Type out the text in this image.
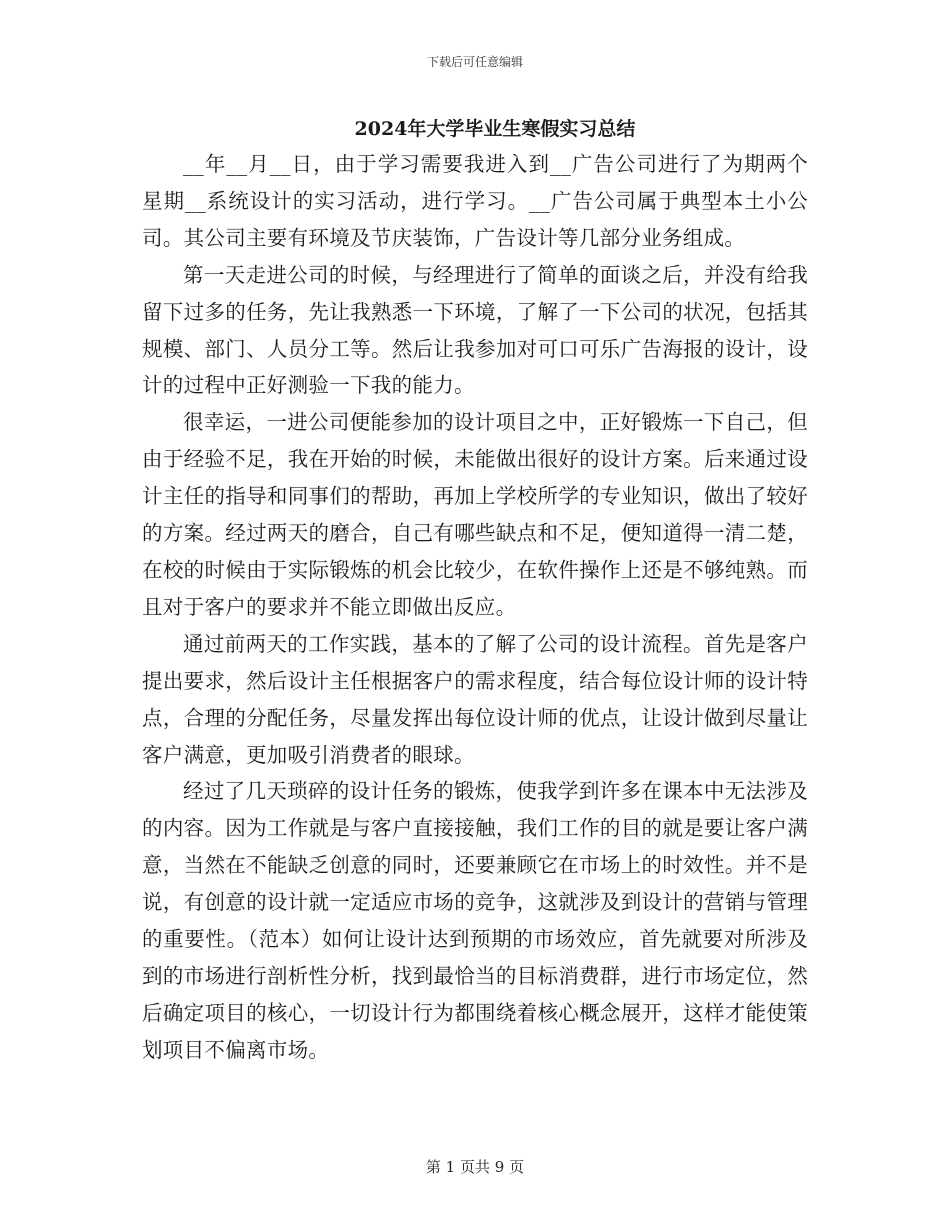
下载后可任意编辑
2024年大学毕业生寒假实习总结

__年__月__日，由于学习需要我进入到__广告公司进行了为期两个星期__系统设计的实习活动，进行学习。__广告公司属于典型本土小公司。其公司主要有环境及节庆装饰，广告设计等几部分业务组成。

第一天走进公司的时候，与经理进行了简单的面谈之后，并没有给我留下过多的任务，先让我熟悉一下环境，了解了一下公司的状况，包括其规模、部门、人员分工等。然后让我参加对可口可乐广告海报的设计，设计的过程中正好测验一下我的能力。

很幸运，一进公司便能参加的设计项目之中，正好锻炼一下自己，但由于经验不足，我在开始的时候，未能做出很好的设计方案。后来通过设计主任的指导和同事们的帮助，再加上学校所学的专业知识，做出了较好的方案。经过两天的磨合，自己有哪些缺点和不足，便知道得一清二楚，在校的时候由于实际锻炼的机会比较少，在软件操作上还是不够纯熟。而且对于客户的要求并不能立即做出反应。

通过前两天的工作实践，基本的了解了公司的设计流程。首先是客户提出要求，然后设计主任根据客户的需求程度，结合每位设计师的设计特点，合理的分配任务，尽量发挥出每位设计师的优点，让设计做到尽量让客户满意，更加吸引消费者的眼球。

经过了几天琐碎的设计任务的锻炼，使我学到许多在课本中无法涉及的内容。因为工作就是与客户直接接触，我们工作的目的就是要让客户满意，当然在不能缺乏创意的同时，还要兼顾它在市场上的时效性。并不是说，有创意的设计就一定适应市场的竞争，这就涉及到设计的营销与管理的重要性。（范本）如何让设计达到预期的市场效应，首先就要对所涉及到的市场进行剖析性分析，找到最恰当的目标消费群，进行市场定位，然后确定项目的核心，一切设计行为都围绕着核心概念展开，这样才能使策划项目不偏离市场。

第 1 页共 9 页
